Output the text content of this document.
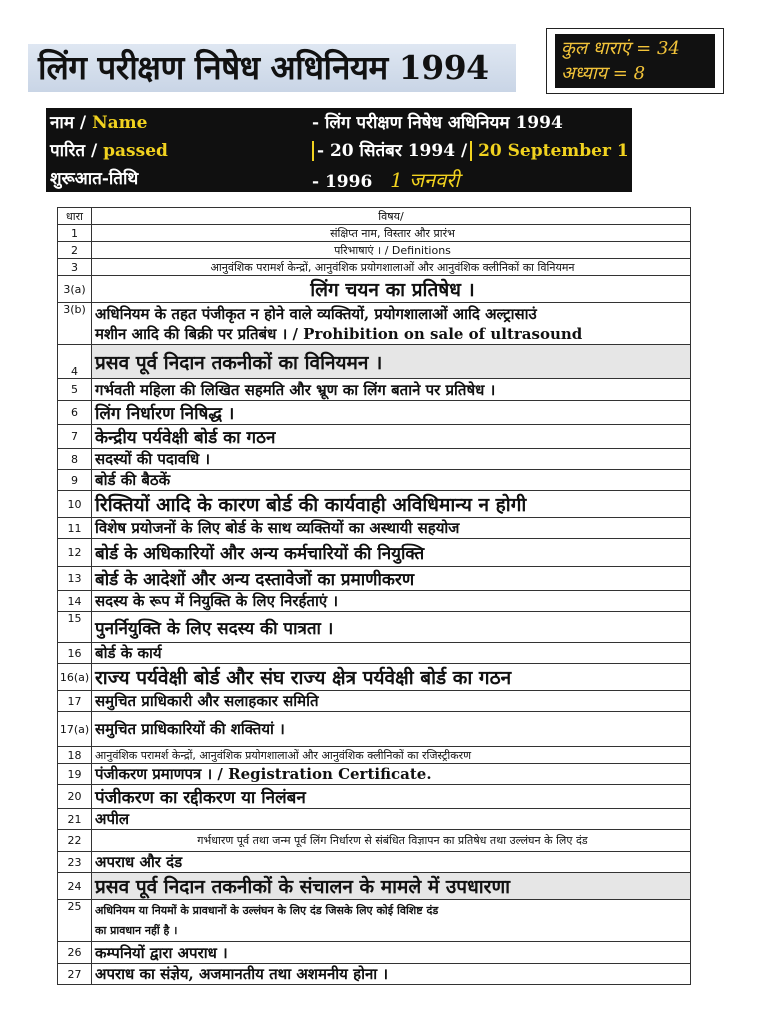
लिंग परीक्षण निषेध अधिनियम 1994	कुल धाराएं = 34
अध्याय = 8
नाम / Name	- लिंग परीक्षण निषेध अधिनियम 1994
पारित / passed	- 20 सितंबर 1994 / 20 September 1
शुरूआत-तिथि	- 1996 1 जनवरी
धारा	विषय/
1	संक्षिप्त नाम, विस्तार और प्रारंभ
2	परिभाषाएं । / Definitions
3	आनुवंशिक परामर्श केन्द्रों, आनुवंशिक प्रयोगशालाओं और आनुवंशिक क्लीनिकों का विनियमन
3(a)	लिंग चयन का प्रतिषेध ।
3(b)	अधिनियम के तहत पंजीकृत न होने वाले व्यक्तियों, प्रयोगशालाओं आदि अल्ट्रासाउं
मशीन आदि की बिक्री पर प्रतिबंध । / Prohibition on sale of ultrasound

4	प्रसव पूर्व निदान तकनीकों का विनियमन ।
5	गर्भवती महिला की लिखित सहमति और भ्रूण का लिंग बताने पर प्रतिषेध ।
6	लिंग निर्धारण निषिद्ध ।
7	केन्द्रीय पर्यवेक्षी बोर्ड का गठन
8	सदस्यों की पदावधि ।
9	बोर्ड की बैठकें
10	रिक्तियों आदि के कारण बोर्ड की कार्यवाही अविधिमान्य न होगी
11	विशेष प्रयोजनों के लिए बोर्ड के साथ व्यक्तियों का अस्थायी सहयोज
12	बोर्ड के अधिकारियों और अन्य कर्मचारियों की नियुक्ति
13	बोर्ड के आदेशों और अन्य दस्तावेजों का प्रमाणीकरण
14	सदस्य के रूप में नियुक्ति के लिए निरर्हताएं ।
15	पुनर्नियुक्ति के लिए सदस्य की पात्रता ।
16	बोर्ड के कार्य
16(a)	राज्य पर्यवेक्षी बोर्ड और संघ राज्य क्षेत्र पर्यवेक्षी बोर्ड का गठन
17	समुचित प्राधिकारी और सलाहकार समिति
17(a)	समुचित प्राधिकारियों की शक्तियां ।
18	आनुवंशिक परामर्श केन्द्रों, आनुवंशिक प्रयोगशालाओं और आनुवंशिक क्लीनिकों का रजिस्ट्रीकरण
19	पंजीकरण प्रमाणपत्र । / Registration Certificate.
20	पंजीकरण का रद्दीकरण या निलंबन
21	अपील
22	गर्भधारण पूर्व तथा जन्म पूर्व लिंग निर्धारण से संबंधित विज्ञापन का प्रतिषेध तथा उल्लंघन के लिए दंड
23	अपराध और दंड
24	प्रसव पूर्व निदान तकनीकों के संचालन के मामले में उपधारणा
25	अधिनियम या नियमों के प्रावधानों के उल्लंघन के लिए दंड जिसके लिए कोई विशिष्ट दंड
का प्रावधान नहीं है ।

26	कम्पनियों द्वारा अपराध ।
27	अपराध का संज्ञेय, अजमानतीय तथा अशमनीय होना ।
